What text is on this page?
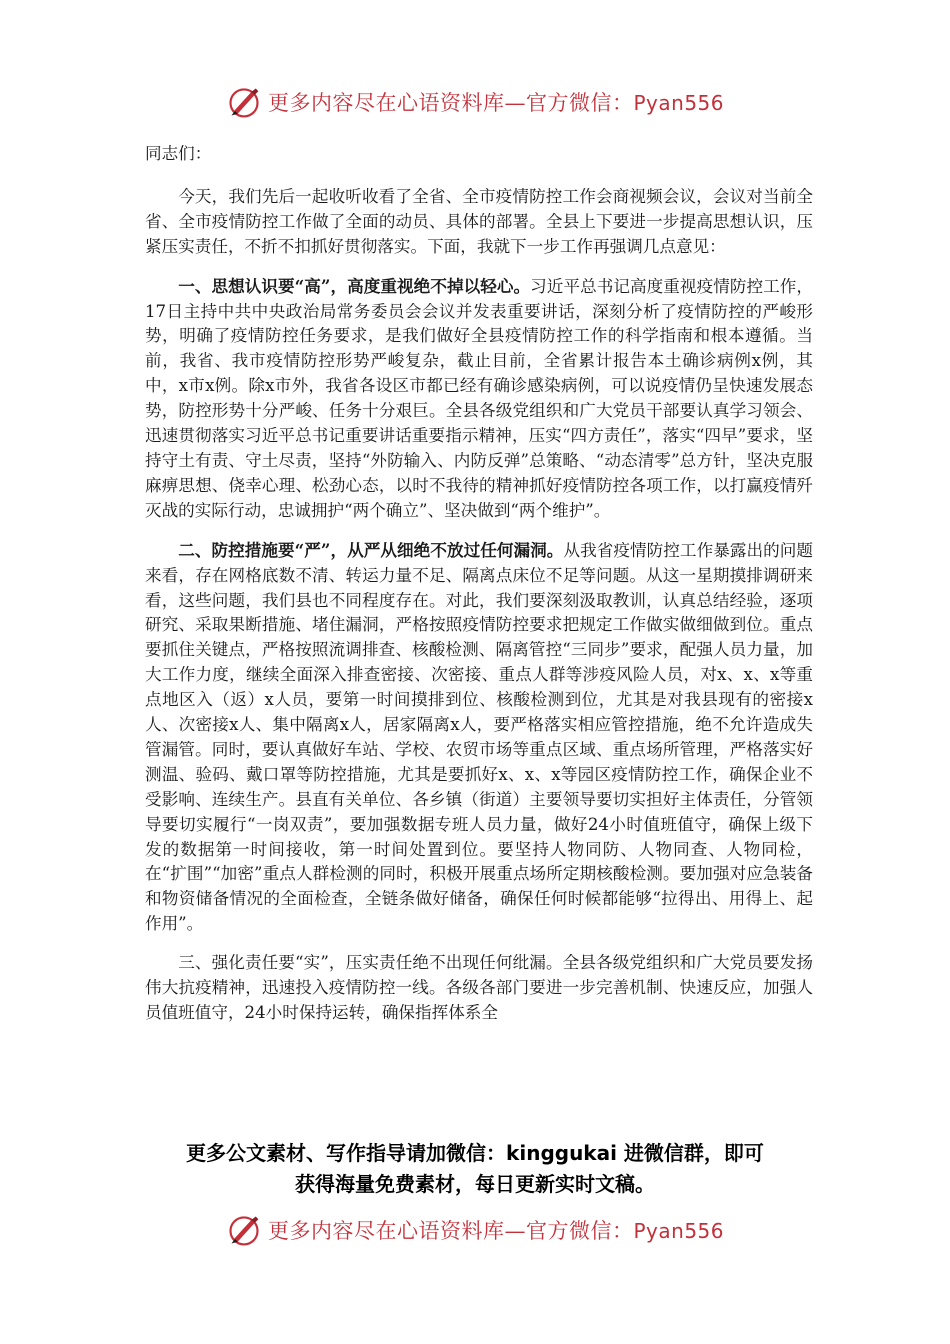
更多内容尽在心语资料库—官方微信：Pyan556

同志们：

今天，我们先后一起收听收看了全省、全市疫情防控工作会商视频会议，会议对当前全省、全市疫情防控工作做了全面的动员、具体的部署。全县上下要进一步提高思想认识，压紧压实责任，不折不扣抓好贯彻落实。下面，我就下一步工作再强调几点意见：

一、思想认识要“高”，高度重视绝不掉以轻心。习近平总书记高度重视疫情防控工作，17日主持中共中央政治局常务委员会会议并发表重要讲话，深刻分析了疫情防控的严峻形势，明确了疫情防控任务要求，是我们做好全县疫情防控工作的科学指南和根本遵循。当前，我省、我市疫情防控形势严峻复杂，截止目前，全省累计报告本土确诊病例x例，其中，x市x例。除x市外，我省各设区市都已经有确诊感染病例，可以说疫情仍呈快速发展态势，防控形势十分严峻、任务十分艰巨。全县各级党组织和广大党员干部要认真学习领会、迅速贯彻落实习近平总书记重要讲话重要指示精神，压实“四方责任”，落实“四早”要求，坚持守土有责、守土尽责，坚持“外防输入、内防反弹”总策略、“动态清零”总方针，坚决克服麻痹思想、侥幸心理、松劲心态，以时不我待的精神抓好疫情防控各项工作，以打赢疫情歼灭战的实际行动，忠诚拥护“两个确立”、坚决做到“两个维护”。

二、防控措施要“严”，从严从细绝不放过任何漏洞。从我省疫情防控工作暴露出的问题来看，存在网格底数不清、转运力量不足、隔离点床位不足等问题。从这一星期摸排调研来看，这些问题，我们县也不同程度存在。对此，我们要深刻汲取教训，认真总结经验，逐项研究、采取果断措施、堵住漏洞，严格按照疫情防控要求把规定工作做实做细做到位。重点要抓住关键点，严格按照流调排查、核酸检测、隔离管控“三同步”要求，配强人员力量，加大工作力度，继续全面深入排查密接、次密接、重点人群等涉疫风险人员，对x、x、x等重点地区入（返）x人员，要第一时间摸排到位、核酸检测到位，尤其是对我县现有的密接x人、次密接x人、集中隔离x人，居家隔离x人，要严格落实相应管控措施，绝不允许造成失管漏管。同时，要认真做好车站、学校、农贸市场等重点区域、重点场所管理，严格落实好测温、验码、戴口罩等防控措施，尤其是要抓好x、x、x等园区疫情防控工作，确保企业不受影响、连续生产。县直有关单位、各乡镇（街道）主要领导要切实担好主体责任，分管领导要切实履行“一岗双责”，要加强数据专班人员力量，做好24小时值班值守，确保上级下发的数据第一时间接收，第一时间处置到位。要坚持人物同防、人物同查、人物同检，在“扩围”“加密”重点人群检测的同时，积极开展重点场所定期核酸检测。要加强对应急装备和物资储备情况的全面检查，全链条做好储备，确保任何时候都能够“拉得出、用得上、起作用”。

三、强化责任要“实”，压实责任绝不出现任何纰漏。全县各级党组织和广大党员要发扬伟大抗疫精神，迅速投入疫情防控一线。各级各部门要进一步完善机制、快速反应，加强人员值班值守，24小时保持运转，确保指挥体系全

更多公文素材、写作指导请加微信：kinggukai 进微信群，即可
获得海量免费素材，每日更新实时文稿。
更多内容尽在心语资料库—官方微信：Pyan556
